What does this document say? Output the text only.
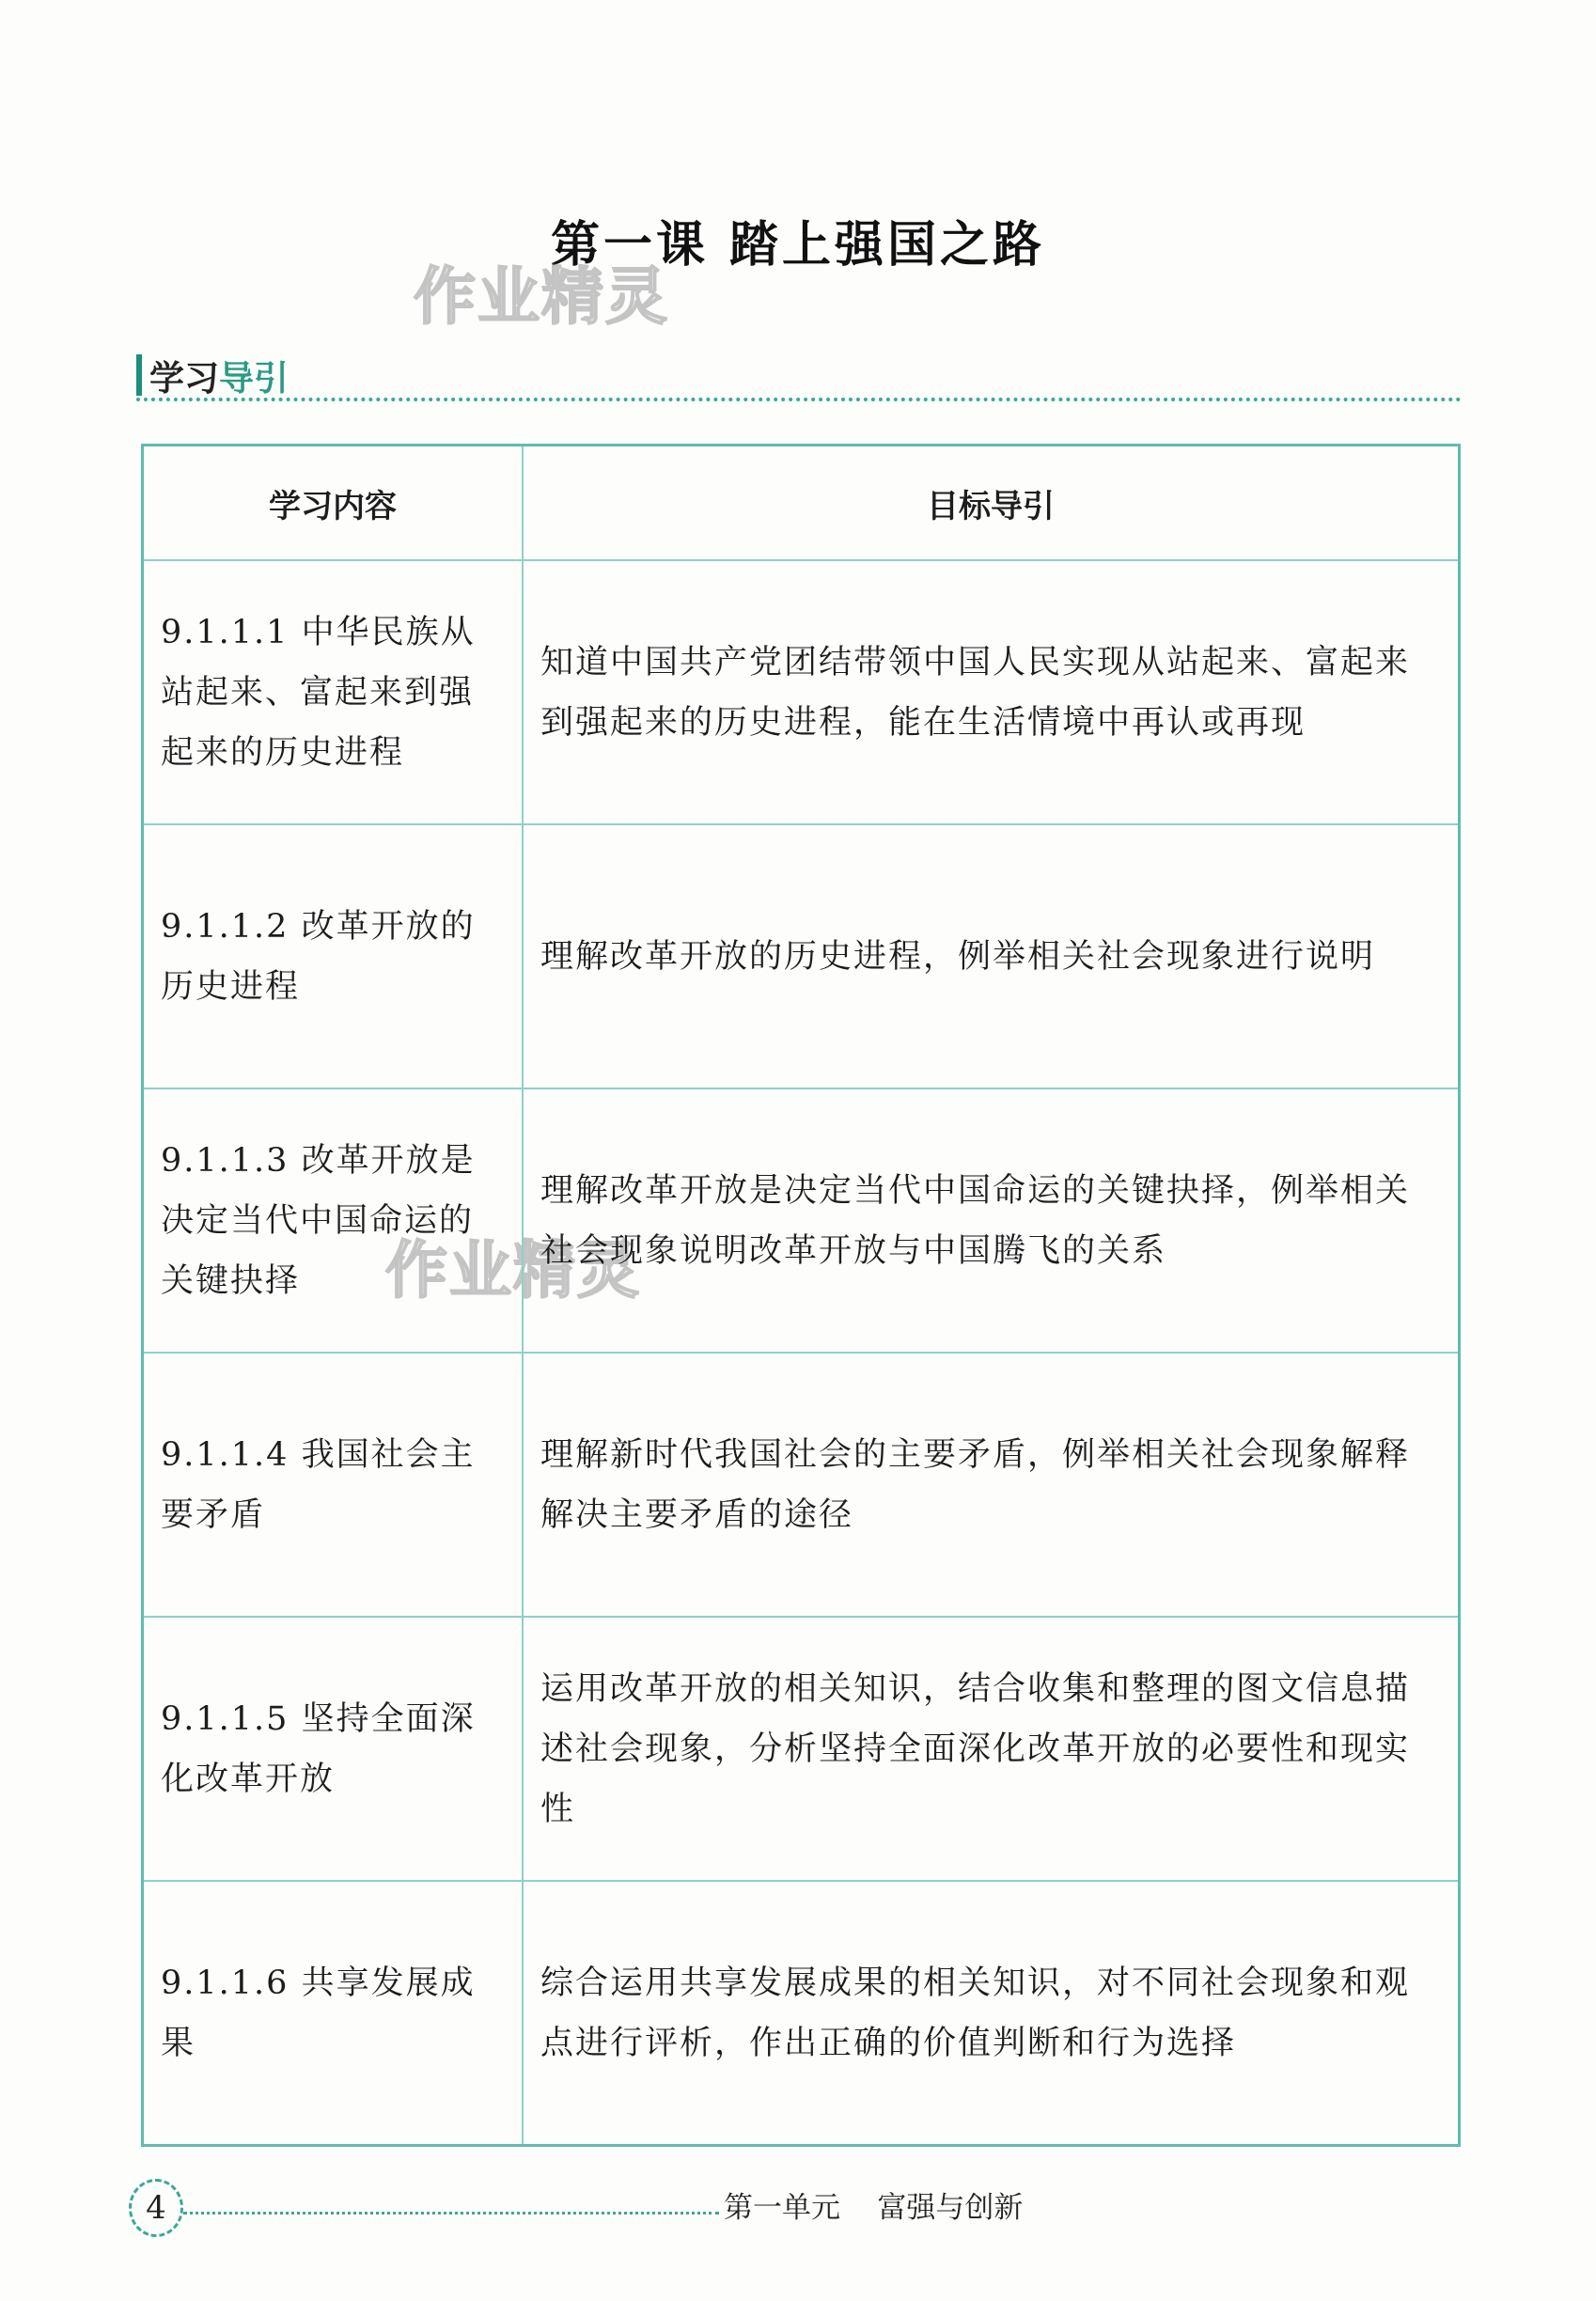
第一课 踏上强国之路
作业精灵
作业精灵
学习 导引
学习内容	目标导引
9.1.1.1 中华民族从站起来、富起来到强起来的历史进程	知道中国共产党团结带领中国人民实现从站起来、富起来到强起来的历史进程，能在生活情境中再认或再现
9.1.1.2 改革开放的历史进程	理解改革开放的历史进程，例举相关社会现象进行说明
9.1.1.3 改革开放是决定当代中国命运的关键抉择	理解改革开放是决定当代中国命运的关键抉择，例举相关社会现象说明改革开放与中国腾飞的关系
9.1.1.4 我国社会主要矛盾	理解新时代我国社会的主要矛盾，例举相关社会现象解释解决主要矛盾的途径
9.1.1.5 坚持全面深化改革开放	运用改革开放的相关知识，结合收集和整理的图文信息描述社会现象，分析坚持全面深化改革开放的必要性和现实性
9.1.1.6 共享发展成果	综合运用共享发展成果的相关知识，对不同社会现象和观点进行评析，作出正确的价值判断和行为选择
4	第一单元    富强与创新
